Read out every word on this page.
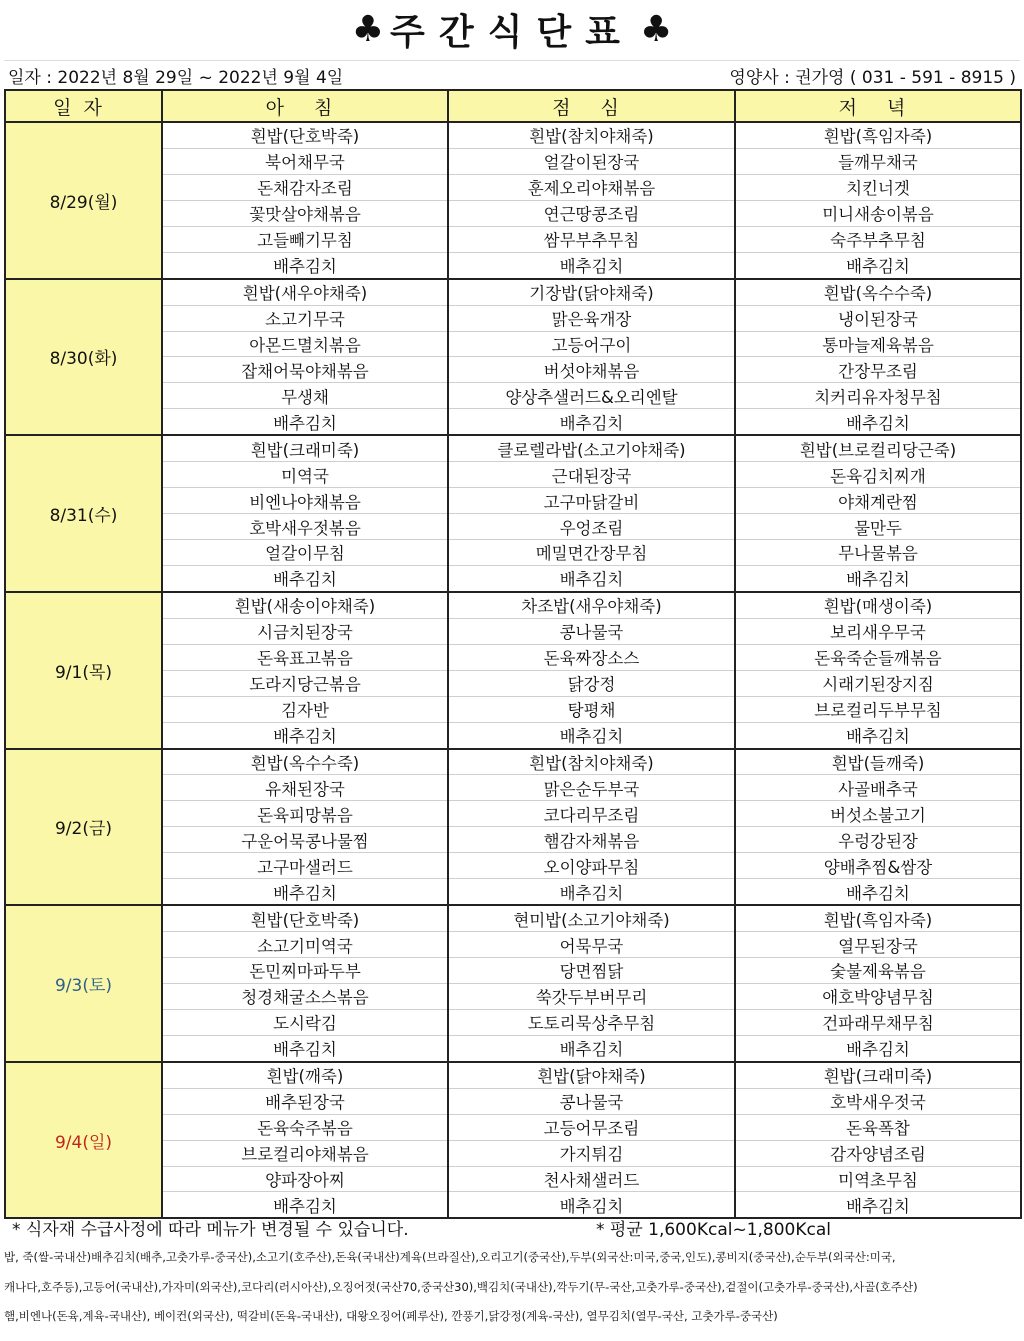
♣ 주간식단표 ♣
일자 : 2022년 8월 29일 ~ 2022년 9월 4일	영양사 : 권가영 ( 031 - 591 - 8915 )
일자	아 침	점 심	저 녁
8/29(월)	흰밥(단호박죽)	흰밥(참치야채죽)	흰밥(흑임자죽)
	북어채무국	얼갈이된장국	들깨무채국
	돈채감자조림	훈제오리야채볶음	치킨너겟
	꽃맛살야채볶음	연근땅콩조림	미니새송이볶음
	고들빼기무침	쌈무부추무침	숙주부추무침
	배추김치	배추김치	배추김치
8/30(화)	흰밥(새우야채죽)	기장밥(닭야채죽)	흰밥(옥수수죽)
	소고기무국	맑은육개장	냉이된장국
	아몬드멸치볶음	고등어구이	통마늘제육볶음
	잡채어묵야채볶음	버섯야채볶음	간장무조림
	무생채	양상추샐러드&오리엔탈	치커리유자청무침
	배추김치	배추김치	배추김치
8/31(수)	흰밥(크래미죽)	클로렐라밥(소고기야채죽)	흰밥(브로컬리당근죽)
	미역국	근대된장국	돈육김치찌개
	비엔나야채볶음	고구마닭갈비	야채계란찜
	호박새우젓볶음	우엉조림	물만두
	얼갈이무침	메밀면간장무침	무나물볶음
	배추김치	배추김치	배추김치
9/1(목)	흰밥(새송이야채죽)	차조밥(새우야채죽)	흰밥(매생이죽)
	시금치된장국	콩나물국	보리새우무국
	돈육표고볶음	돈육짜장소스	돈육죽순들깨볶음
	도라지당근볶음	닭강정	시래기된장지짐
	김자반	탕평채	브로컬리두부무침
	배추김치	배추김치	배추김치
9/2(금)	흰밥(옥수수죽)	흰밥(참치야채죽)	흰밥(들깨죽)
	유채된장국	맑은순두부국	사골배추국
	돈육피망볶음	코다리무조림	버섯소불고기
	구운어묵콩나물찜	햄감자채볶음	우렁강된장
	고구마샐러드	오이양파무침	양배추찜&쌈장
	배추김치	배추김치	배추김치
9/3(토)	흰밥(단호박죽)	현미밥(소고기야채죽)	흰밥(흑임자죽)
	소고기미역국	어묵무국	열무된장국
	돈민찌마파두부	당면찜닭	숯불제육볶음
	청경채굴소스볶음	쑥갓두부버무리	애호박양념무침
	도시락김	도토리묵상추무침	건파래무채무침
	배추김치	배추김치	배추김치
9/4(일)	흰밥(깨죽)	흰밥(닭야채죽)	흰밥(크래미죽)
	배추된장국	콩나물국	호박새우젓국
	돈육숙주볶음	고등어무조림	돈육폭찹
	브로컬리야채볶음	가지튀김	감자양념조림
	양파장아찌	천사채샐러드	미역초무침
	배추김치	배추김치	배추김치
* 식자재 수급사정에 따라 메뉴가 변경될 수 있습니다.	* 평균 1,600Kcal~1,800Kcal
밥, 죽(쌀-국내산)배추김치(배추,고춧가루-중국산),소고기(호주산),돈육(국내산)계육(브라질산),오리고기(중국산),두부(외국산:미국,중국,인도),콩비지(중국산),순두부(외국산:미국,
캐나다,호주등),고등어(국내산),가자미(외국산),코다리(러시아산),오징어젓(국산70,중국산30),백김치(국내산),깍두기(무-국산,고춧가루-중국산),겉절이(고춧가루-중국산),사골(호주산)
햄,비엔나(돈육,계육-국내산), 베이컨(외국산), 떡갈비(돈육-국내산), 대왕오징어(페루산), 깐풍기,닭강정(계육-국산), 열무김치(열무-국산, 고춧가루-중국산)
